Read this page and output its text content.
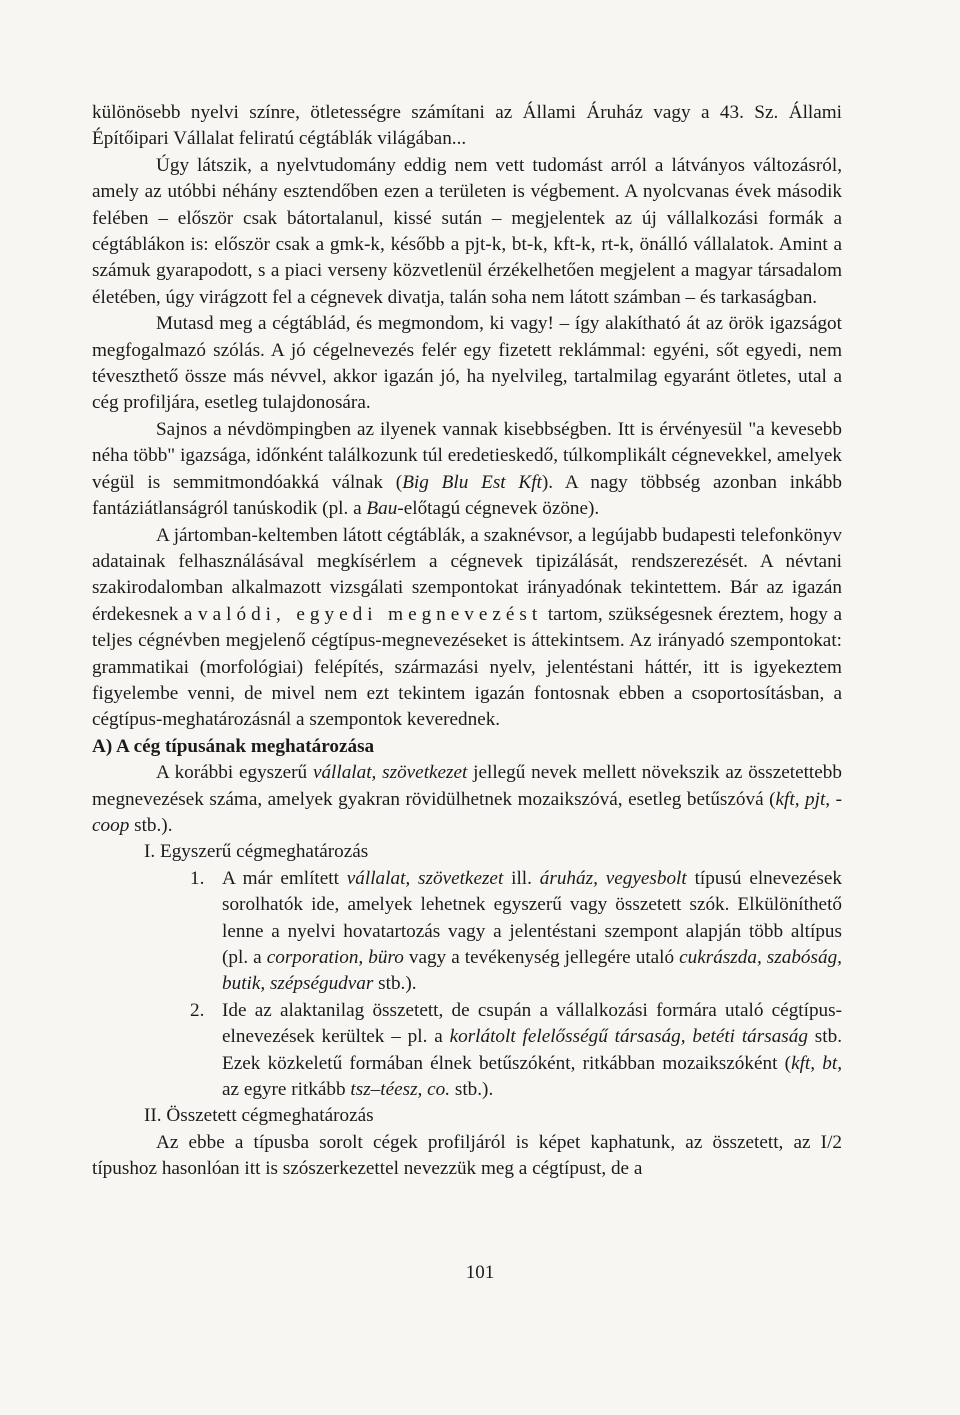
különösebb nyelvi színre, ötletességre számítani az Állami Áruház vagy a 43. Sz. Állami Építőipari Vállalat feliratú cégtáblák világában...

Úgy látszik, a nyelvtudomány eddig nem vett tudomást arról a látványos változásról, amely az utóbbi néhány esztendőben ezen a területen is végbement. A nyolcvanas évek második felében – először csak bátortalanul, kissé sután – megjelentek az új vállalkozási formák a cégtáblákon is: először csak a gmk-k, később a pjt-k, bt-k, kft-k, rt-k, önálló vállalatok. Amint a számuk gyarapodott, s a piaci verseny közvetlenül érzékelhetően megjelent a magyar társadalom életében, úgy virágzott fel a cégnevek divatja, talán soha nem látott számban – és tarkaságban.

Mutasd meg a cégtáblád, és megmondom, ki vagy! – így alakítható át az örök igazságot megfogalmazó szólás. A jó cégelnevezés felér egy fizetett reklámmal: egyéni, sőt egyedi, nem téveszthető össze más névvel, akkor igazán jó, ha nyelvileg, tartalmilag egyaránt ötletes, utal a cég profiljára, esetleg tulajdonosára.

Sajnos a névdömpingben az ilyenek vannak kisebbségben. Itt is érvényesül "a kevesebb néha több" igazsága, időnként találkozunk túl eredetieskedő, túlkomplikált cégnevekkel, amelyek végül is semmitmondóakká válnak (Big Blu Est Kft). A nagy többség azonban inkább fantáziátlanságról tanúskodik (pl. a Bau-előtagú cégnevek özöne).

A jártomban-keltemben látott cégtáblák, a szaknévsor, a legújabb budapesti telefonkönyv adatainak felhasználásával megkísérlem a cégnevek tipizálását, rendszerezését. A névtani szakirodalomban alkalmazott vizsgálati szempontokat irányadónak tekintettem. Bár az igazán érdekesnek a valódi, egyedi megnevezést tartom, szükségesnek éreztem, hogy a teljes cégnévben megjelenő cégtípus-megnevezéseket is áttekintsem. Az irányadó szempontokat: grammatikai (morfológiai) felépítés, származási nyelv, jelentéstani háttér, itt is igyekeztem figyelembe venni, de mivel nem ezt tekintem igazán fontosnak ebben a csoportosításban, a cégtípus-meghatározásnál a szempontok keverednek.

A) A cég típusának meghatározása

A korábbi egyszerű vállalat, szövetkezet jellegű nevek mellett növekszik az összetettebb megnevezések száma, amelyek gyakran rövidülhetnek mozaikszóvá, esetleg betűszóvá (kft, pjt, -coop stb.).

I. Egyszerű cégmeghatározás

1. A már említett vállalat, szövetkezet ill. áruház, vegyesbolt típusú elnevezések sorolhatók ide, amelyek lehetnek egyszerű vagy összetett szók. Elkülöníthető lenne a nyelvi hovatartozás vagy a jelentéstani szempont alapján több altípus (pl. a corporation, büro vagy a tevékenység jellegére utaló cukrászda, szabóság, butik, szépségudvar stb.).
2. Ide az alaktanilag összetett, de csupán a vállalkozási formára utaló cégtípus-elnevezések kerültek – pl. a korlátolt felelősségű társaság, betéti társaság stb. Ezek közkeletű formában élnek betűszóként, ritkábban mozaikszóként (kft, bt, az egyre ritkább tsz–téesz, co. stb.).

II. Összetett cégmeghatározás

Az ebbe a típusba sorolt cégek profiljáról is képet kaphatunk, az összetett, az I/2 típushoz hasonlóan itt is szószerkezettel nevezzük meg a cégtípust, de a

101
